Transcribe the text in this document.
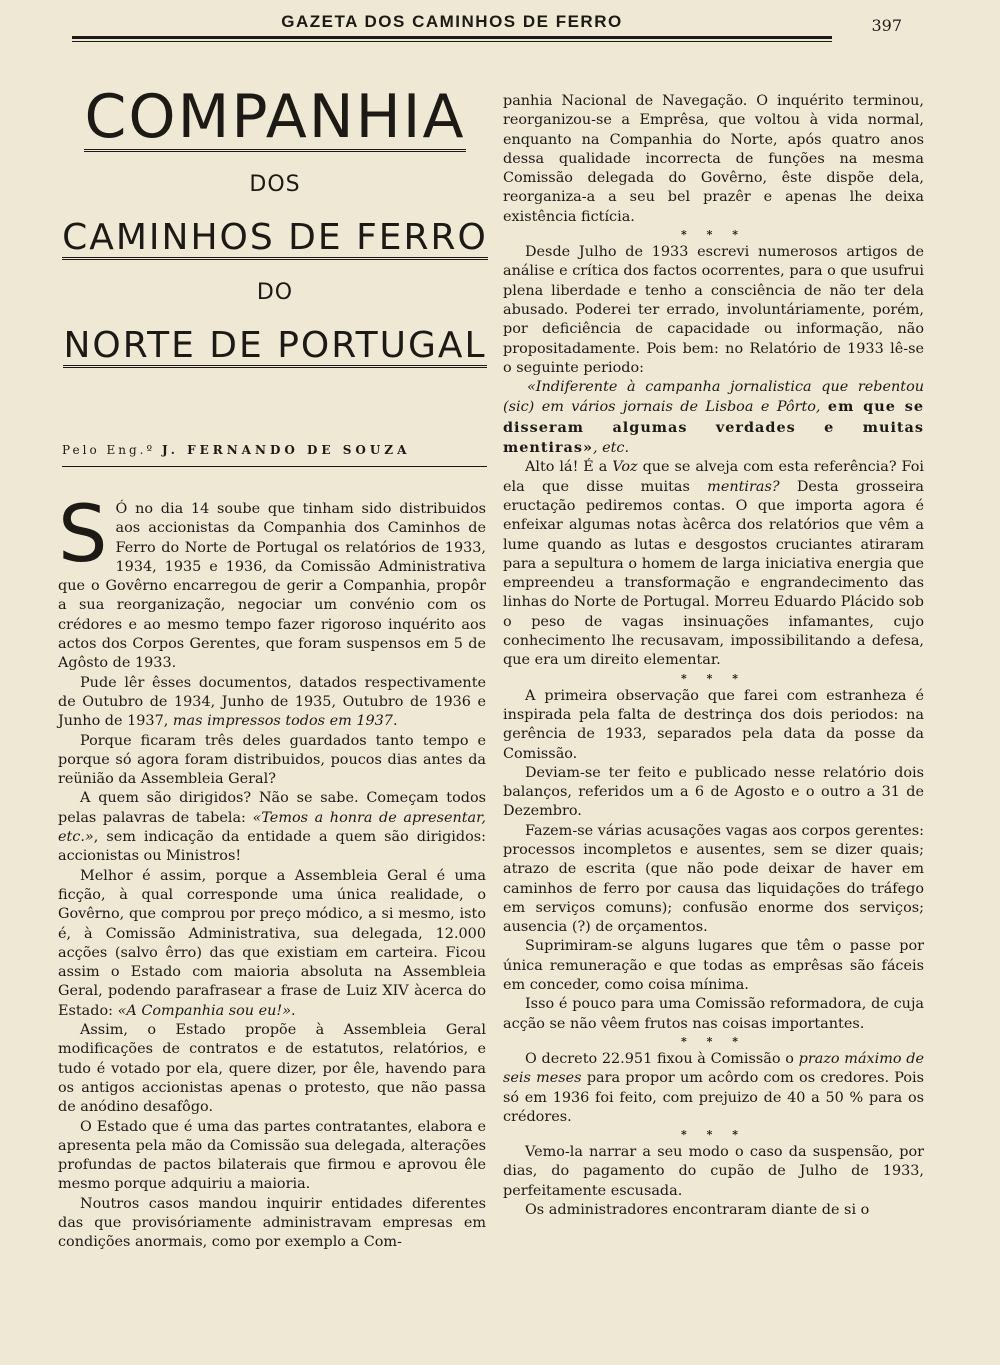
GAZETA DOS CAMINHOS DE FERRO	397
COMPANHIA
DOS
CAMINHOS DE FERRO
DO
NORTE DE PORTUGAL
Pelo Eng.º J. FERNANDO DE SOUZA

S Ó no dia 14 soube que tinham sido distribuidos aos accionistas da Companhia dos Caminhos de Ferro do Norte de Portugal os relatórios de 1933, 1934, 1935 e 1936, da Comissão Administrativa que o Govêrno encarregou de gerir a Companhia, propôr a sua reorganização, negociar um convénio com os crédores e ao mesmo tempo fazer rigoroso inquérito aos actos dos Corpos Gerentes, que foram suspensos em 5 de Agôsto de 1933.

Pude lêr êsses documentos, datados respectivamente de Outubro de 1934, Junho de 1935, Outubro de 1936 e Junho de 1937, mas impressos todos em 1937.

Porque ficaram três deles guardados tanto tempo e porque só agora foram distribuidos, poucos dias antes da reünião da Assembleia Geral?

A quem são dirigidos? Não se sabe. Começam todos pelas palavras de tabela: «Temos a honra de apresentar, etc.», sem indicação da entidade a quem são dirigidos: accionistas ou Ministros!

Melhor é assim, porque a Assembleia Geral é uma ficção, à qual corresponde uma única realidade, o Govêrno, que comprou por preço módico, a si mesmo, isto é, à Comissão Administrativa, sua delegada, 12.000 acções (salvo êrro) das que existiam em carteira. Ficou assim o Estado com maioria absoluta na Assembleia Geral, podendo parafrasear a frase de Luiz XIV àcerca do Estado: «A Companhia sou eu!».

Assim, o Estado propõe à Assembleia Geral modificações de contratos e de estatutos, relatórios, e tudo é votado por ela, quere dizer, por êle, havendo para os antigos accionistas apenas o protesto, que não passa de anódino desafôgo.

O Estado que é uma das partes contratantes, elabora e apresenta pela mão da Comissão sua delegada, alterações profundas de pactos bilaterais que firmou e aprovou êle mesmo porque adquiriu a maioria.

Noutros casos mandou inquirir entidades diferentes das que provisóriamente administravam empresas em condições anormais, como por exemplo a Com-

panhia Nacional de Navegação. O inquérito terminou, reorganizou-se a Emprêsa, que voltou à vida normal, enquanto na Companhia do Norte, após quatro anos dessa qualidade incorrecta de funções na mesma Comissão delegada do Govêrno, êste dispõe dela, reorganiza-a a seu bel prazêr e apenas lhe deixa existência fictícia.

* * *

Desde Julho de 1933 escrevi numerosos artigos de análise e crítica dos factos ocorrentes, para o que usufrui plena liberdade e tenho a consciência de não ter dela abusado. Poderei ter errado, involuntáriamente, porém, por deficiência de capacidade ou informação, não propositadamente. Pois bem: no Relatório de 1933 lê-se o seguinte periodo:

«Indiferente à campanha jornalistica que rebentou (sic) em vários jornais de Lisboa e Pôrto, em que se disseram algumas verdades e muitas mentiras», etc.

Alto lá! É a Voz que se alveja com esta referência? Foi ela que disse muitas mentiras? Desta grosseira eructação pediremos contas. O que importa agora é enfeixar algumas notas àcêrca dos relatórios que vêm a lume quando as lutas e desgostos cruciantes atiraram para a sepultura o homem de larga iniciativa energia que empreendeu a transformação e engrandecimento das linhas do Norte de Portugal. Morreu Eduardo Plácido sob o peso de vagas insinuações infamantes, cujo conhecimento lhe recusavam, impossibilitando a defesa, que era um direito elementar.

* * *

A primeira observação que farei com estranheza é inspirada pela falta de destrinça dos dois periodos: na gerência de 1933, separados pela data da posse da Comissão.

Deviam-se ter feito e publicado nesse relatório dois balanços, referidos um a 6 de Agosto e o outro a 31 de Dezembro.

Fazem-se várias acusações vagas aos corpos gerentes: processos incompletos e ausentes, sem se dizer quais; atrazo de escrita (que não pode deixar de haver em caminhos de ferro por causa das liquidações do tráfego em serviços comuns); confusão enorme dos serviços; ausencia (?) de orçamentos.

Suprimiram-se alguns lugares que têm o passe por única remuneração e que todas as emprêsas são fáceis em conceder, como coisa mínima.

Isso é pouco para uma Comissão reformadora, de cuja acção se não vêem frutos nas coisas importantes.

* * *

O decreto 22.951 fixou à Comissão o prazo máximo de seis meses para propor um acôrdo com os credores. Pois só em 1936 foi feito, com prejuizo de 40 a 50 % para os crédores.

* * *

Vemo-la narrar a seu modo o caso da suspensão, por dias, do pagamento do cupão de Julho de 1933, perfeitamente escusada.

Os administradores encontraram diante de si o
